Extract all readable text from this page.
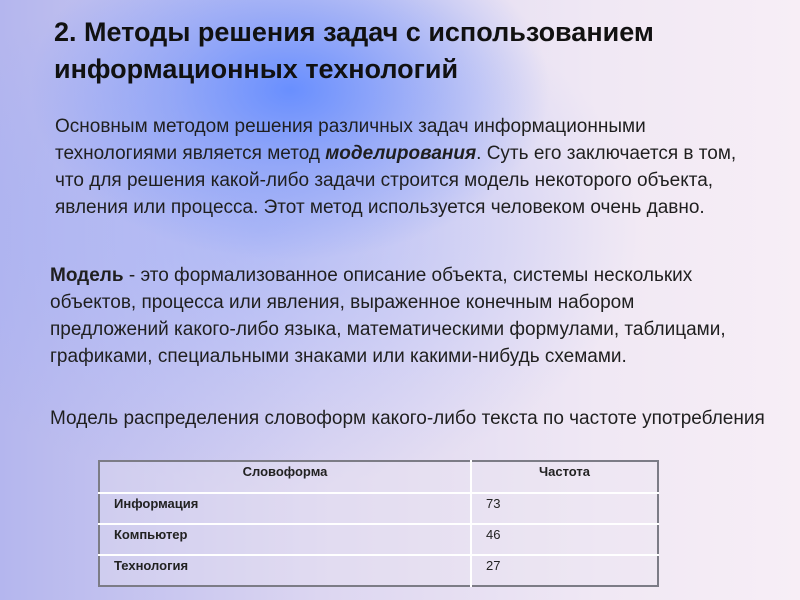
2. Методы решения задач с использованием информационных технологий

Основным методом решения различных задач информационными технологиями является метод моделирования. Суть его заключается в том, что для решения какой-либо задачи строится модель некоторого объекта, явления или процесса. Этот метод используется человеком очень давно.

Модель - это формализованное описание объекта, системы нескольких объектов, процесса или явления, выраженное конечным набором предложений какого-либо языка, математическими формулами, таблицами, графиками, специальными знаками или какими-нибудь схемами.

Модель распределения словоформ какого-либо текста по частоте употребления

Словоформа	Частота
Информация	73
Компьютер	46
Технология	27
